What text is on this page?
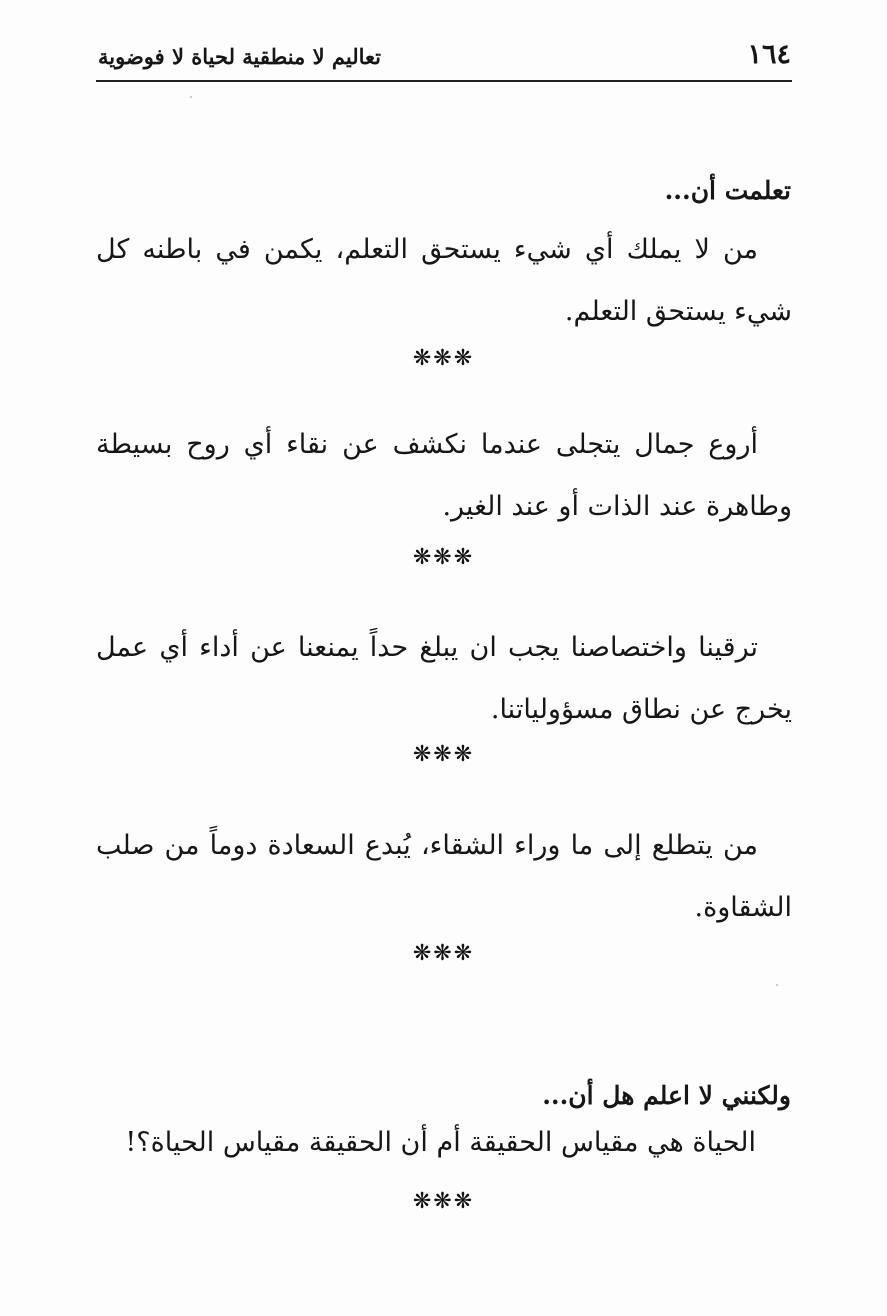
١٦٤
تعاليم لا منطقية لحياة لا فوضوية
تعلمت أن...

من لا يملك أي شيء يستحق التعلم، يكمن في باطنه كل شيء يستحق التعلم.

❋❋❋

أروع جمال يتجلى عندما نكشف عن نقاء أي روح بسيطة وطاهرة عند الذات أو عند الغير.

❋❋❋

ترقينا واختصاصنا يجب ان يبلغ حداً يمنعنا عن أداء أي عمل يخرج عن نطاق مسؤولياتنا.

❋❋❋

من يتطلع إلى ما وراء الشقاء، يُبدع السعادة دوماً من صلب الشقاوة.

❋❋❋
ولكنني لا اعلم هل أن...

الحياة هي مقياس الحقيقة أم أن الحقيقة مقياس الحياة؟!

❋❋❋
